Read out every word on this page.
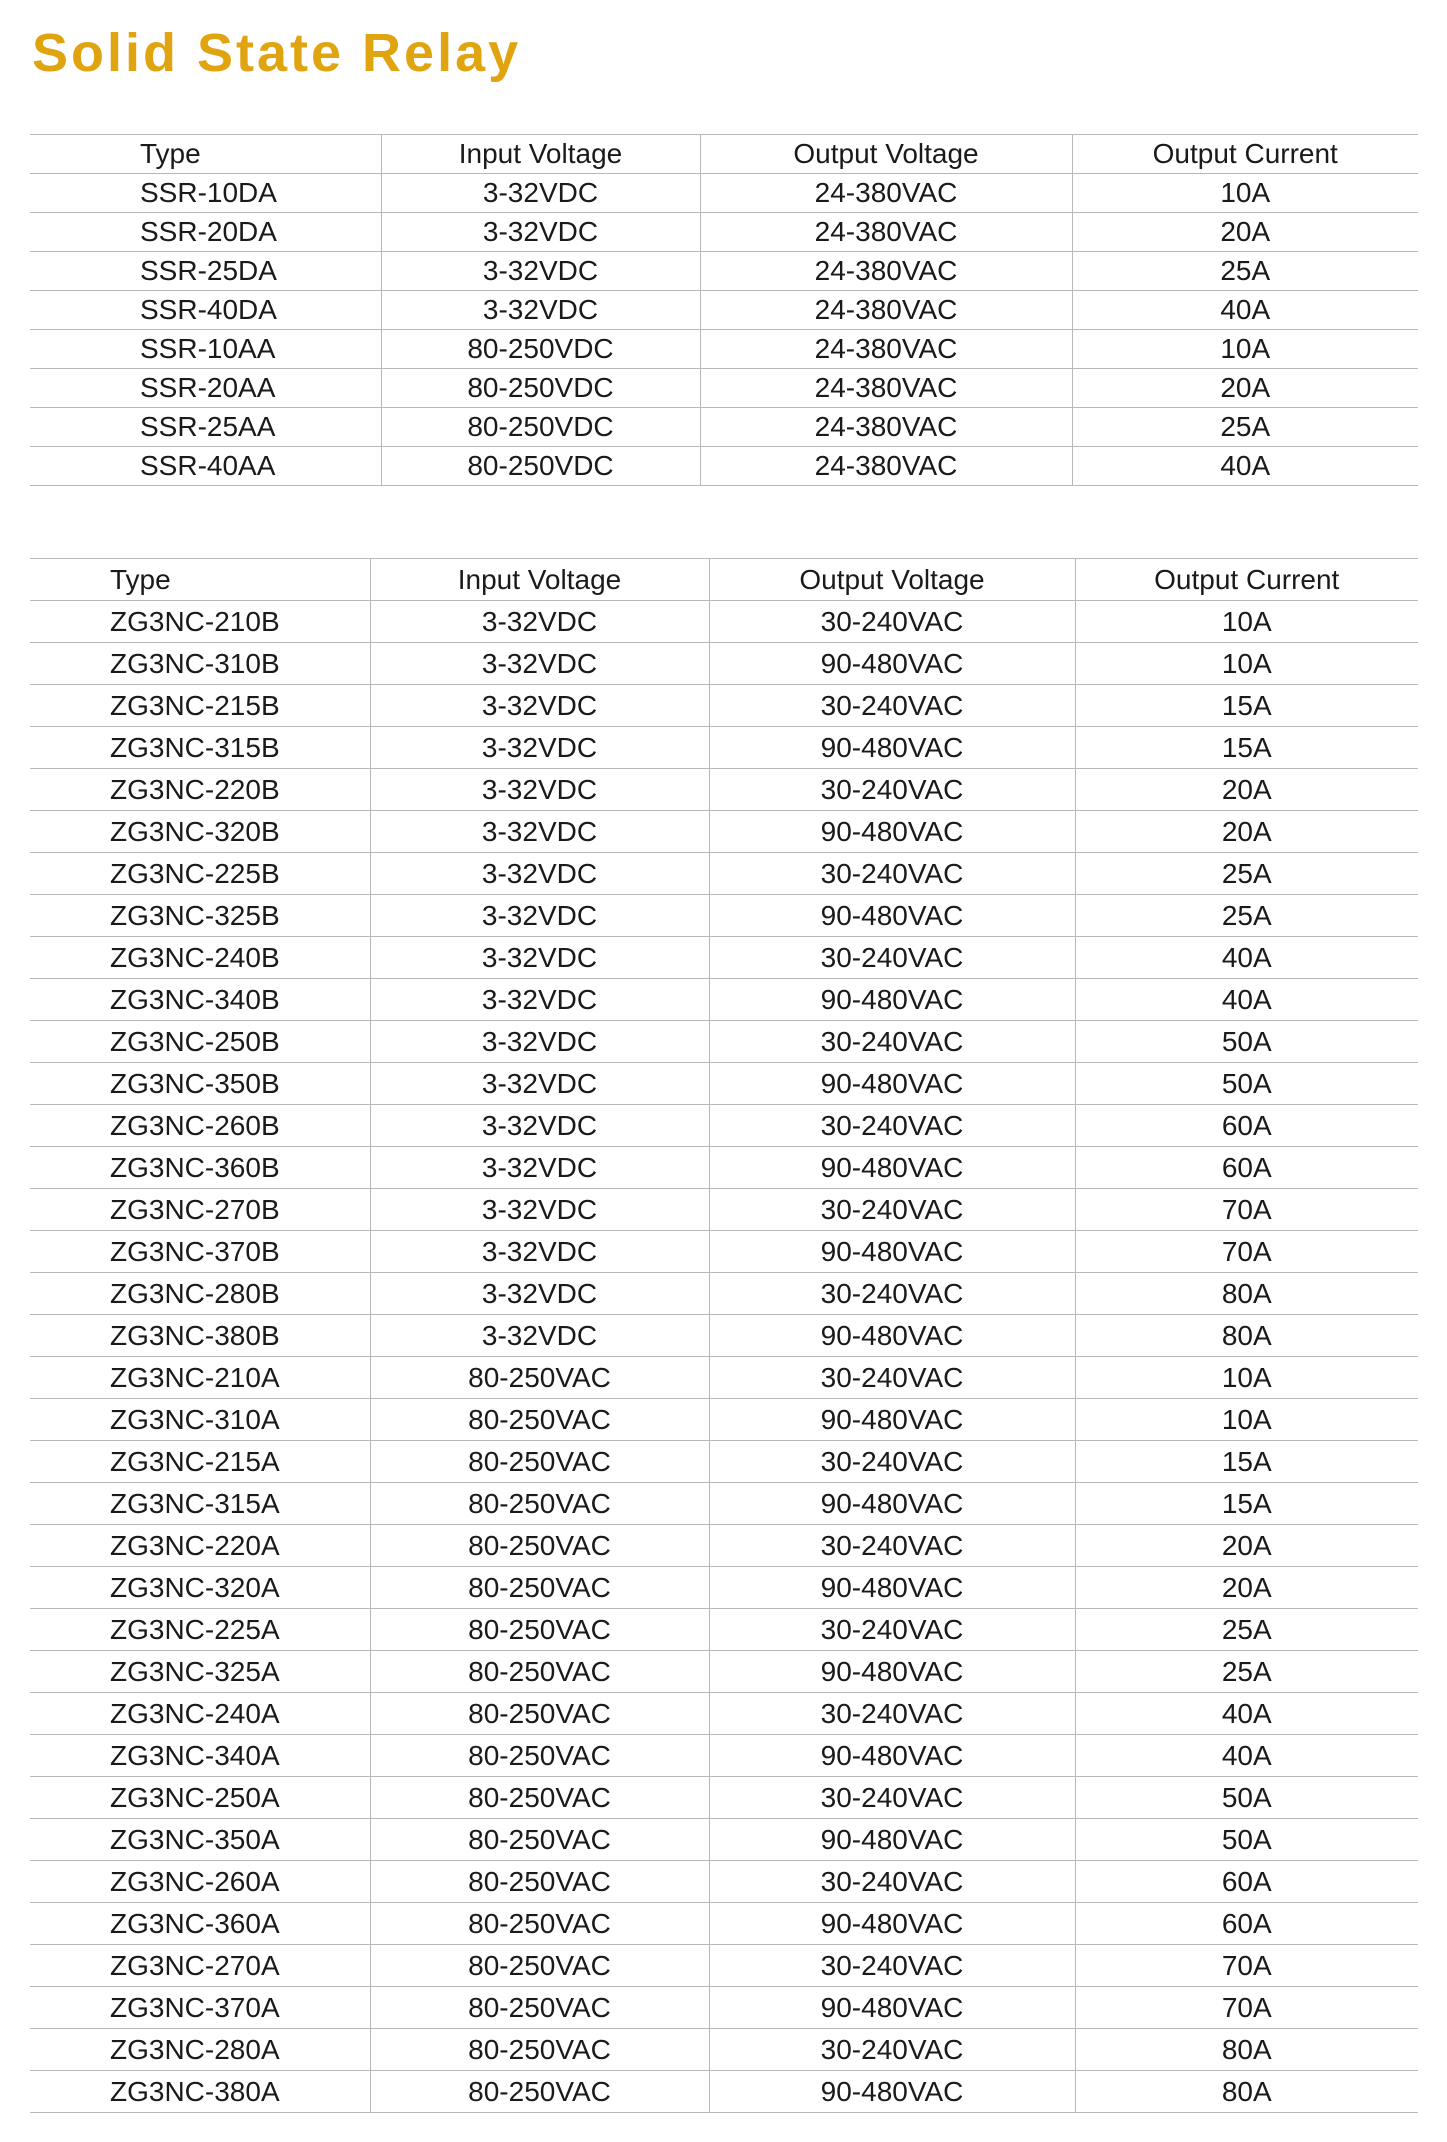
Solid State Relay
Type	Input Voltage	Output Voltage	Output Current
SSR-10DA	3-32VDC	24-380VAC	10A
SSR-20DA	3-32VDC	24-380VAC	20A
SSR-25DA	3-32VDC	24-380VAC	25A
SSR-40DA	3-32VDC	24-380VAC	40A
SSR-10AA	80-250VDC	24-380VAC	10A
SSR-20AA	80-250VDC	24-380VAC	20A
SSR-25AA	80-250VDC	24-380VAC	25A
SSR-40AA	80-250VDC	24-380VAC	40A
Type	Input Voltage	Output Voltage	Output Current
ZG3NC-210B	3-32VDC	30-240VAC	10A
ZG3NC-310B	3-32VDC	90-480VAC	10A
ZG3NC-215B	3-32VDC	30-240VAC	15A
ZG3NC-315B	3-32VDC	90-480VAC	15A
ZG3NC-220B	3-32VDC	30-240VAC	20A
ZG3NC-320B	3-32VDC	90-480VAC	20A
ZG3NC-225B	3-32VDC	30-240VAC	25A
ZG3NC-325B	3-32VDC	90-480VAC	25A
ZG3NC-240B	3-32VDC	30-240VAC	40A
ZG3NC-340B	3-32VDC	90-480VAC	40A
ZG3NC-250B	3-32VDC	30-240VAC	50A
ZG3NC-350B	3-32VDC	90-480VAC	50A
ZG3NC-260B	3-32VDC	30-240VAC	60A
ZG3NC-360B	3-32VDC	90-480VAC	60A
ZG3NC-270B	3-32VDC	30-240VAC	70A
ZG3NC-370B	3-32VDC	90-480VAC	70A
ZG3NC-280B	3-32VDC	30-240VAC	80A
ZG3NC-380B	3-32VDC	90-480VAC	80A
ZG3NC-210A	80-250VAC	30-240VAC	10A
ZG3NC-310A	80-250VAC	90-480VAC	10A
ZG3NC-215A	80-250VAC	30-240VAC	15A
ZG3NC-315A	80-250VAC	90-480VAC	15A
ZG3NC-220A	80-250VAC	30-240VAC	20A
ZG3NC-320A	80-250VAC	90-480VAC	20A
ZG3NC-225A	80-250VAC	30-240VAC	25A
ZG3NC-325A	80-250VAC	90-480VAC	25A
ZG3NC-240A	80-250VAC	30-240VAC	40A
ZG3NC-340A	80-250VAC	90-480VAC	40A
ZG3NC-250A	80-250VAC	30-240VAC	50A
ZG3NC-350A	80-250VAC	90-480VAC	50A
ZG3NC-260A	80-250VAC	30-240VAC	60A
ZG3NC-360A	80-250VAC	90-480VAC	60A
ZG3NC-270A	80-250VAC	30-240VAC	70A
ZG3NC-370A	80-250VAC	90-480VAC	70A
ZG3NC-280A	80-250VAC	30-240VAC	80A
ZG3NC-380A	80-250VAC	90-480VAC	80A
